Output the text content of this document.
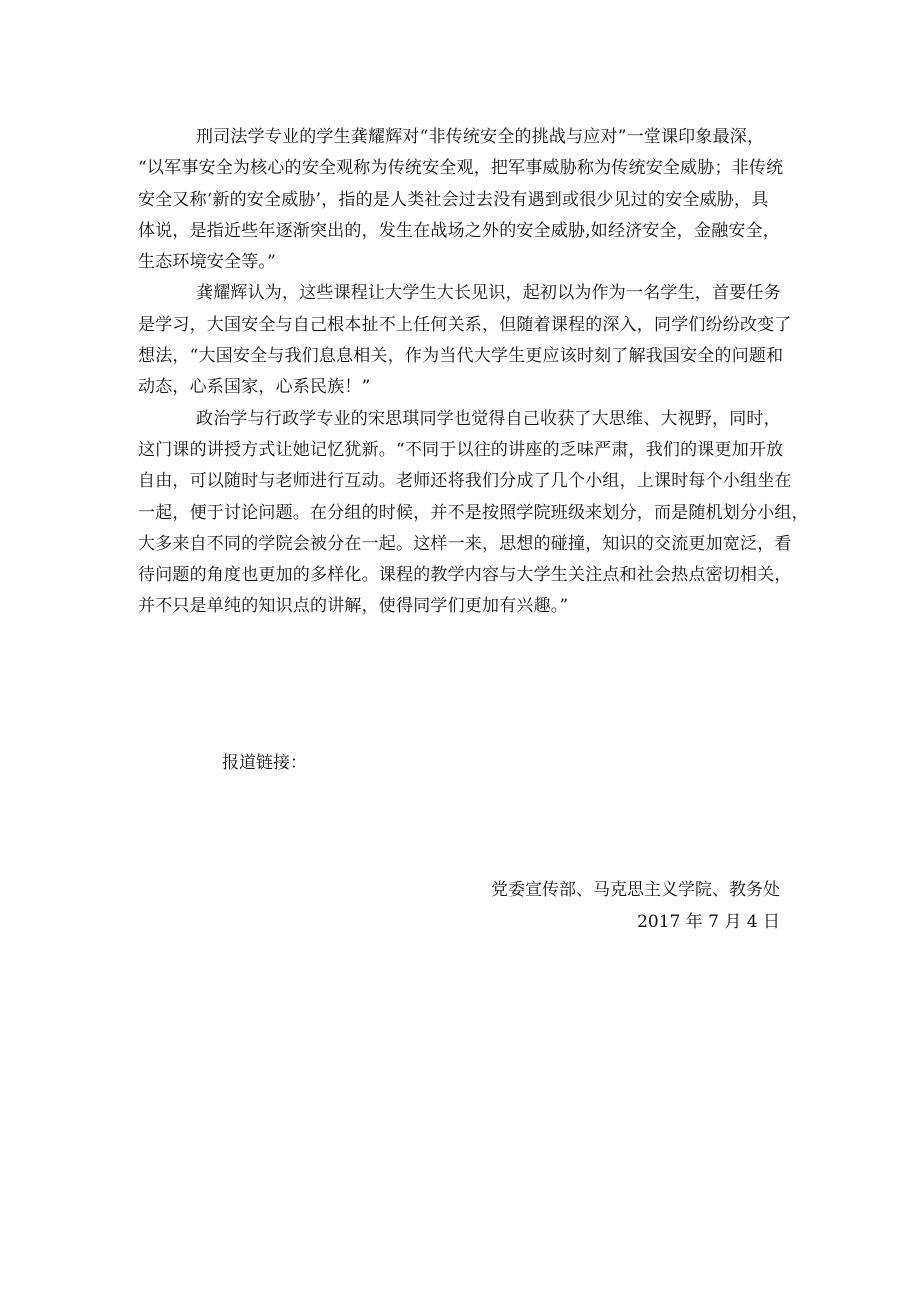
刑司法学专业的学生龚耀辉对“非传统安全的挑战与应对”一堂课印象最深，
“以军事安全为核心的安全观称为传统安全观，把军事威胁称为传统安全威胁；非传统
安全又称‘新的安全威胁’，指的是人类社会过去没有遇到或很少见过的安全威胁，具
体说，是指近些年逐渐突出的，发生在战场之外的安全威胁,如经济安全，金融安全，
生态环境安全等。”

龚耀辉认为，这些课程让大学生大长见识，起初以为作为一名学生，首要任务
是学习，大国安全与自己根本扯不上任何关系，但随着课程的深入，同学们纷纷改变了
想法，“大国安全与我们息息相关，作为当代大学生更应该时刻了解我国安全的问题和
动态，心系国家，心系民族！”

政治学与行政学专业的宋思琪同学也觉得自己收获了大思维、大视野，同时，
这门课的讲授方式让她记忆犹新。“不同于以往的讲座的乏味严肃，我们的课更加开放
自由，可以随时与老师进行互动。老师还将我们分成了几个小组，上课时每个小组坐在
一起，便于讨论问题。在分组的时候，并不是按照学院班级来划分，而是随机划分小组，
大多来自不同的学院会被分在一起。这样一来，思想的碰撞，知识的交流更加宽泛，看
待问题的角度也更加的多样化。课程的教学内容与大学生关注点和社会热点密切相关，
并不只是单纯的知识点的讲解，使得同学们更加有兴趣。”

报道链接：

党委宣传部、马克思主义学院、教务处
2017 年 7 月 4 日
